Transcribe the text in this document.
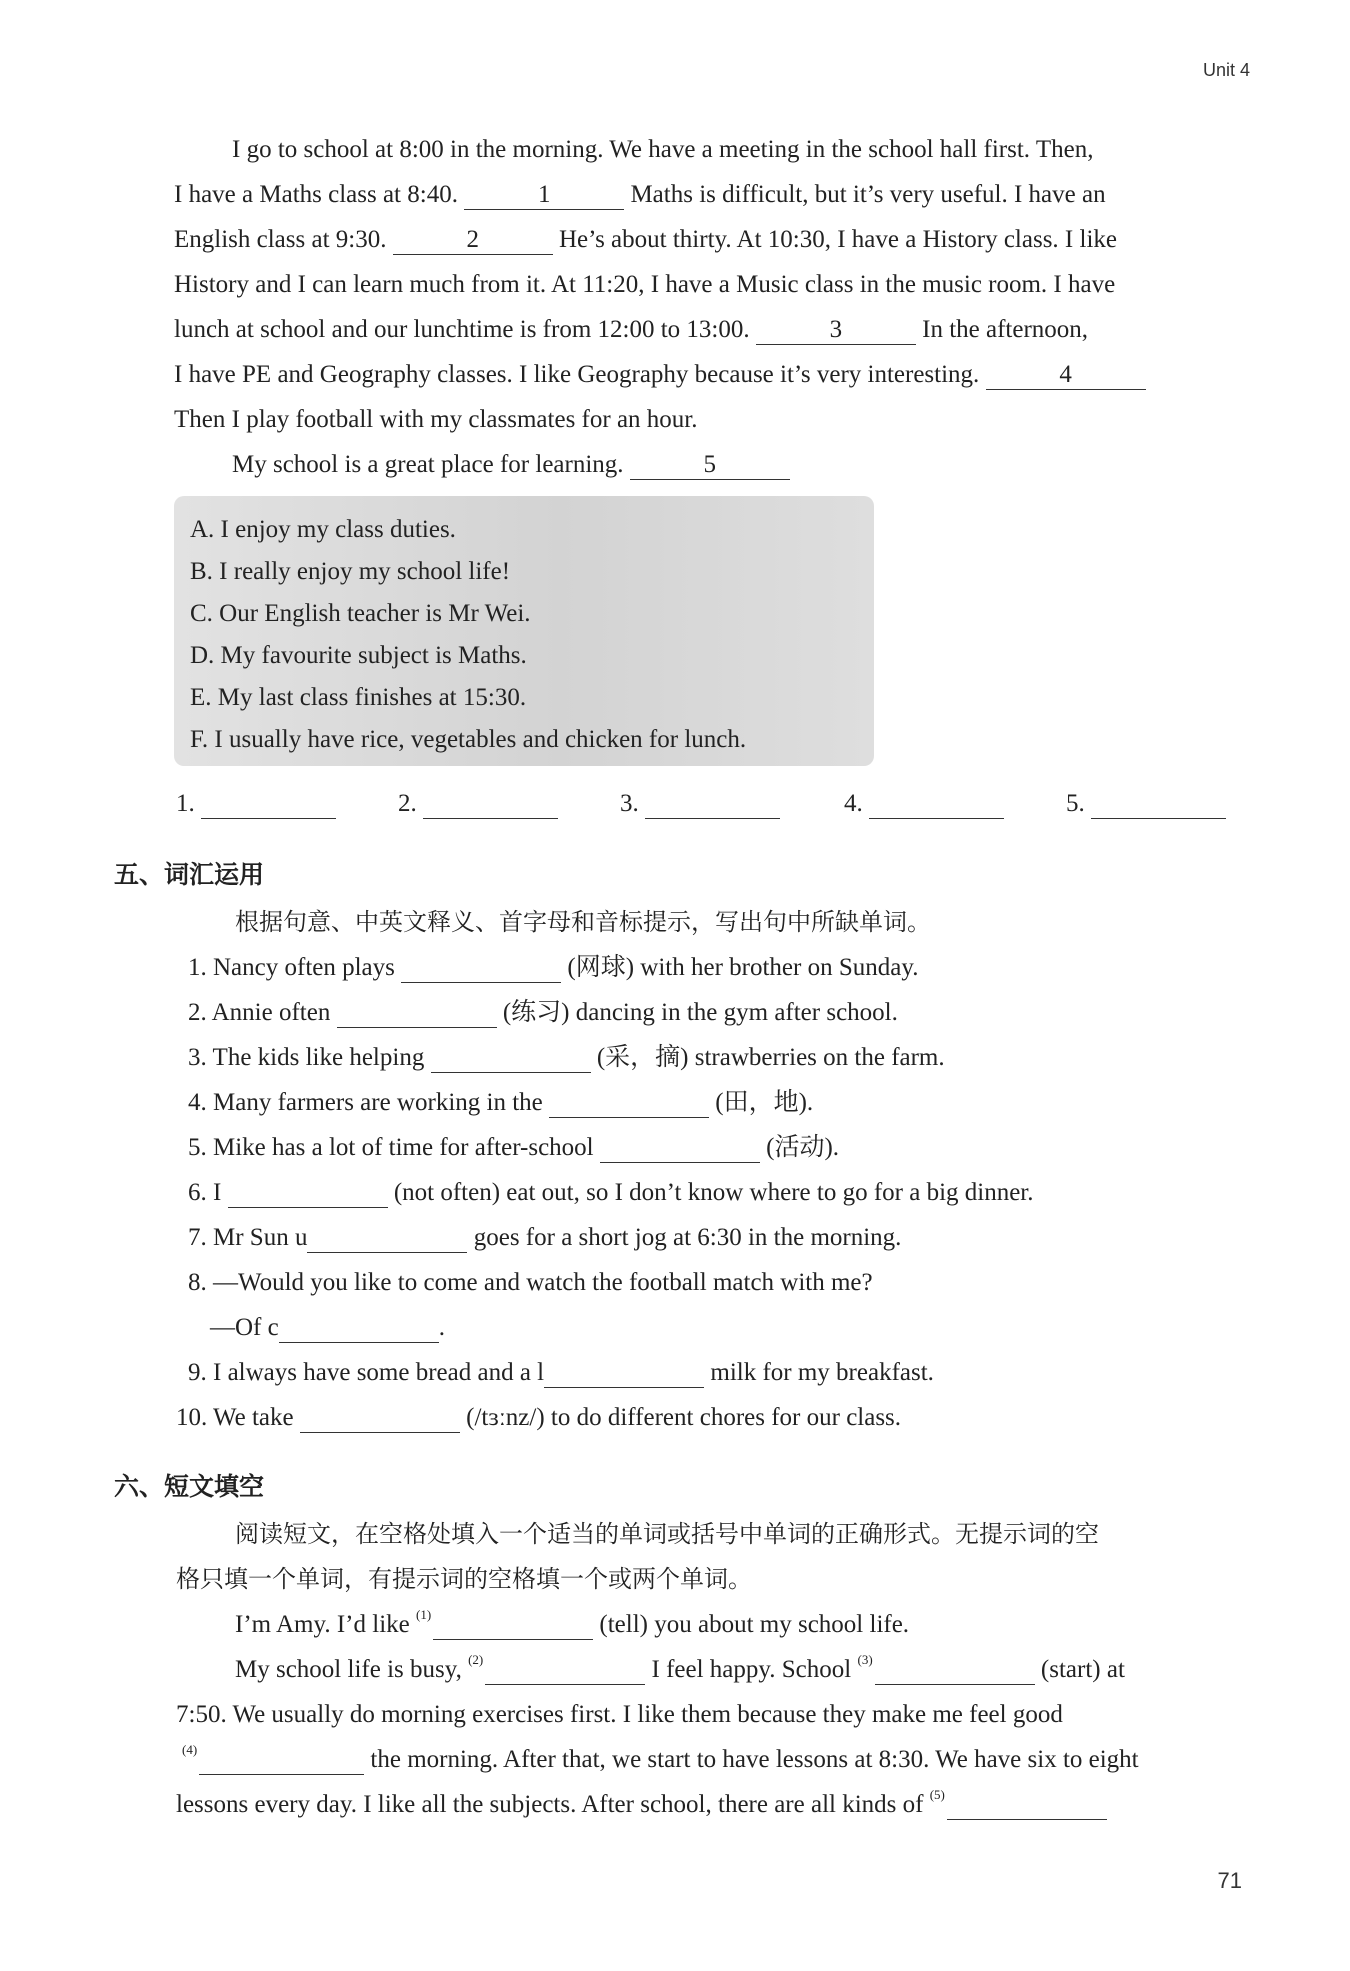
Unit 4
I go to school at 8:00 in the morning. We have a meeting in the school hall first. Then,
I have a Maths class at 8:40.	1	Maths is difficult, but it’s very useful. I have an
English class at 9:30.	2	He’s about thirty. At 10:30, I have a History class. I like
History and I can learn much from it. At 11:20, I have a Music class in the music room. I have
lunch at school and our lunchtime is from 12:00 to 13:00.	3	In the afternoon,
I have PE and Geography classes. I like Geography because it’s very interesting.	4
Then I play football with my classmates for an hour.
My school is a great place for learning.	5
A. I enjoy my class duties.
B. I really enjoy my school life!
C. Our English teacher is Mr Wei.
D. My favourite subject is Maths.
E. My last class finishes at 15:30.
F. I usually have rice, vegetables and chicken for lunch.
1.	2.	3.	4.	5.
五、词汇运用
根据句意、中英文释义、首字母和音标提示，写出句中所缺单词。
1. Nancy often plays	(网球) with her brother on Sunday.
2. Annie often	(练习) dancing in the gym after school.
3. The kids like helping	(采，摘) strawberries on the farm.
4. Many farmers are working in the	(田，地).
5. Mike has a lot of time for after-school	(活动).
6. I	(not often) eat out, so I don’t know where to go for a big dinner.
7. Mr Sun u	goes for a short jog at 6:30 in the morning.
8. —Would you like to come and watch the football match with me?
—Of c	.
9. I always have some bread and a l	milk for my breakfast.
10. We take	(/tɜːnz/) to do different chores for our class.
六、短文填空
阅读短文，在空格处填入一个适当的单词或括号中单词的正确形式。无提示词的空
格只填一个单词，有提示词的空格填一个或两个单词。
I’m Amy. I’d like $^{(1)}$	(tell) you about my school life.
My school life is busy, $^{(2)}$	I feel happy. School $^{(3)}$	(start) at
7:50. We usually do morning exercises first. I like them because they make me feel good
$^{(4)}$	the morning. After that, we start to have lessons at 8:30. We have six to eight
lessons every day. I like all the subjects. After school, there are all kinds of $^{(5)}$
71
